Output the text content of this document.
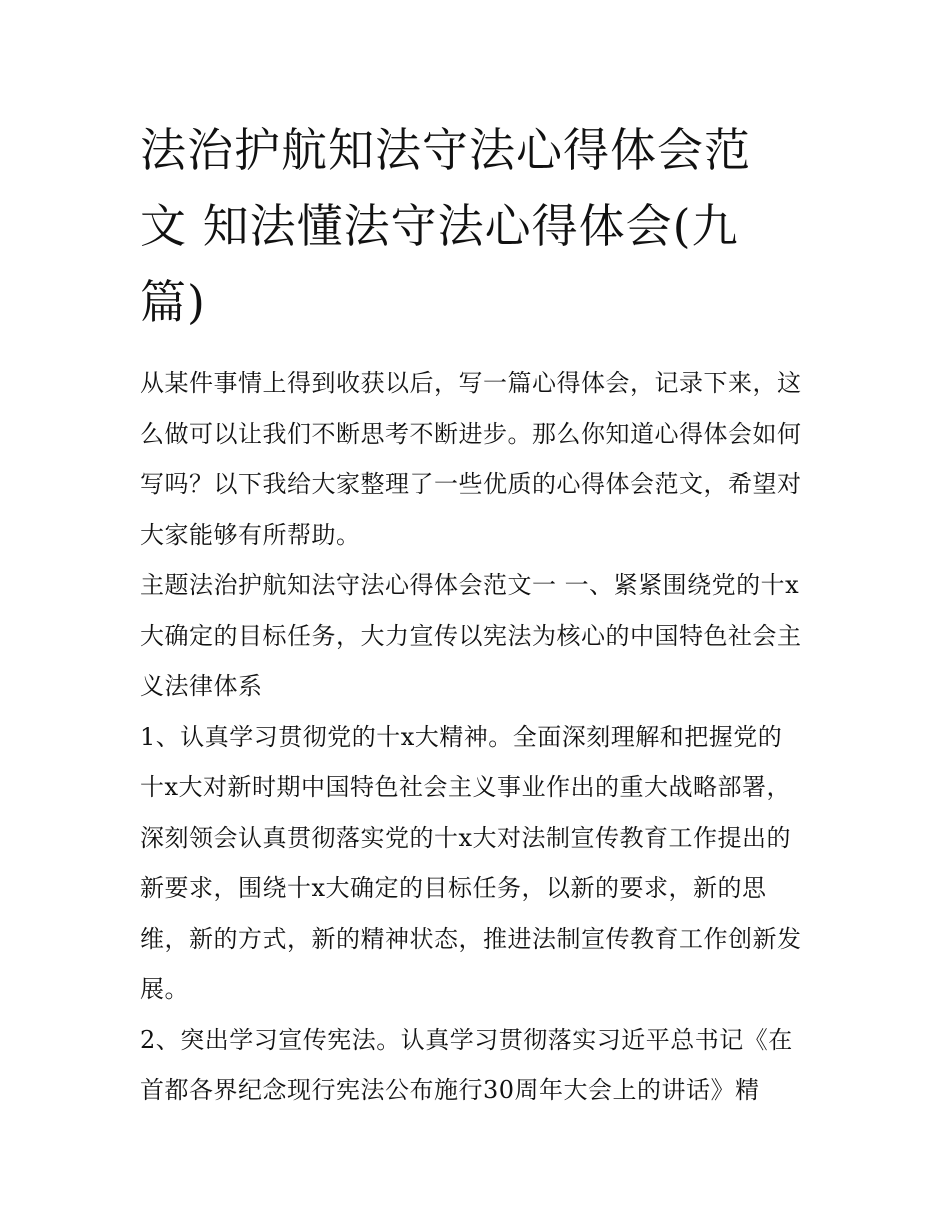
法治护航知法守法心得体会范
文 知法懂法守法心得体会(九
篇)
从某件事情上得到收获以后，写一篇心得体会，记录下来，这
么做可以让我们不断思考不断进步。那么你知道心得体会如何
写吗？以下我给大家整理了一些优质的心得体会范文，希望对
大家能够有所帮助。
主题法治护航知法守法心得体会范文一 一、紧紧围绕党的十x
大确定的目标任务，大力宣传以宪法为核心的中国特色社会主
义法律体系
1、认真学习贯彻党的十x大精神。全面深刻理解和把握党的
十x大对新时期中国特色社会主义事业作出的重大战略部署，
深刻领会认真贯彻落实党的十x大对法制宣传教育工作提出的
新要求，围绕十x大确定的目标任务，以新的要求，新的思
维，新的方式，新的精神状态，推进法制宣传教育工作创新发
展。
2、突出学习宣传宪法。认真学习贯彻落实习近平总书记《在
首都各界纪念现行宪法公布施行30周年大会上的讲话》精
